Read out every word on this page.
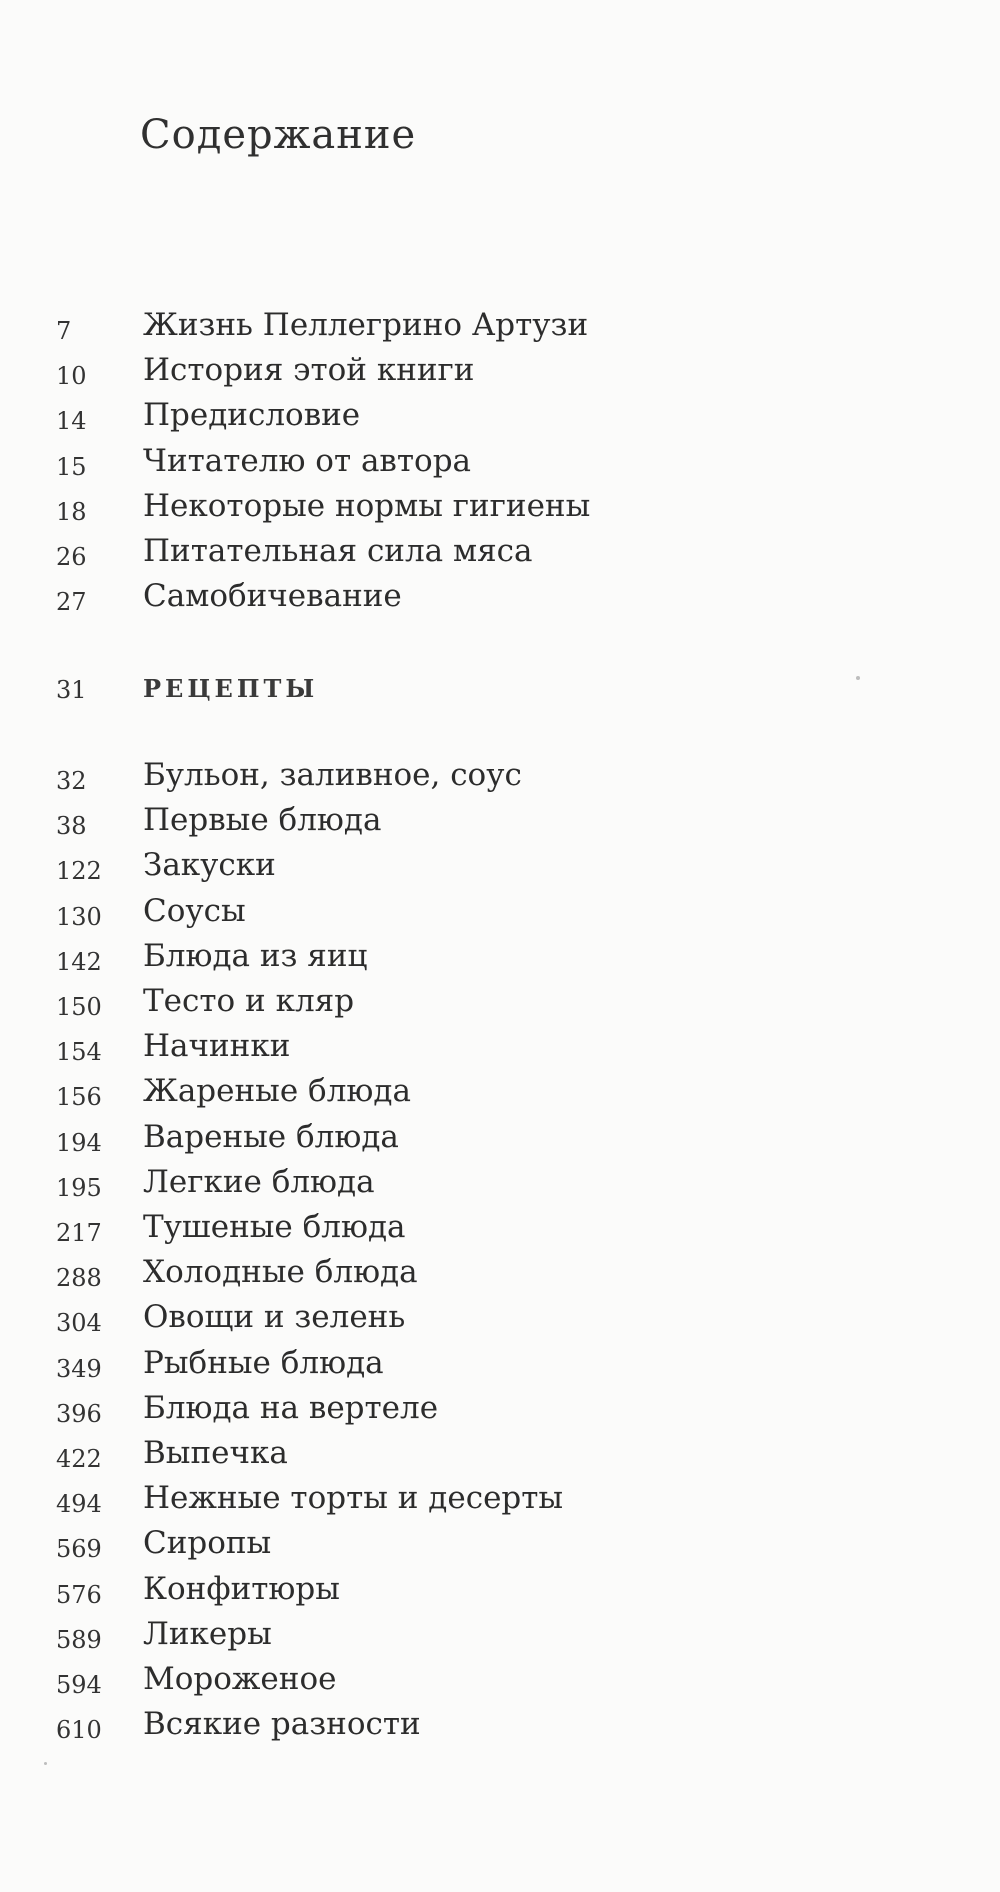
Содержание
7	Жизнь Пеллегрино Артузи
10	История этой книги
14	Предисловие
15	Читателю от автора
18	Некоторые нормы гигиены
26	Питательная сила мяса
27	Самобичевание
31	РЕЦЕПТЫ
32	Бульон, заливное, соус
38	Первые блюда
122	Закуски
130	Соусы
142	Блюда из яиц
150	Тесто и кляр
154	Начинки
156	Жареные блюда
194	Вареные блюда
195	Легкие блюда
217	Тушеные блюда
288	Холодные блюда
304	Овощи и зелень
349	Рыбные блюда
396	Блюда на вертеле
422	Выпечка
494	Нежные торты и десерты
569	Сиропы
576	Конфитюры
589	Ликеры
594	Мороженое
610	Всякие разности
